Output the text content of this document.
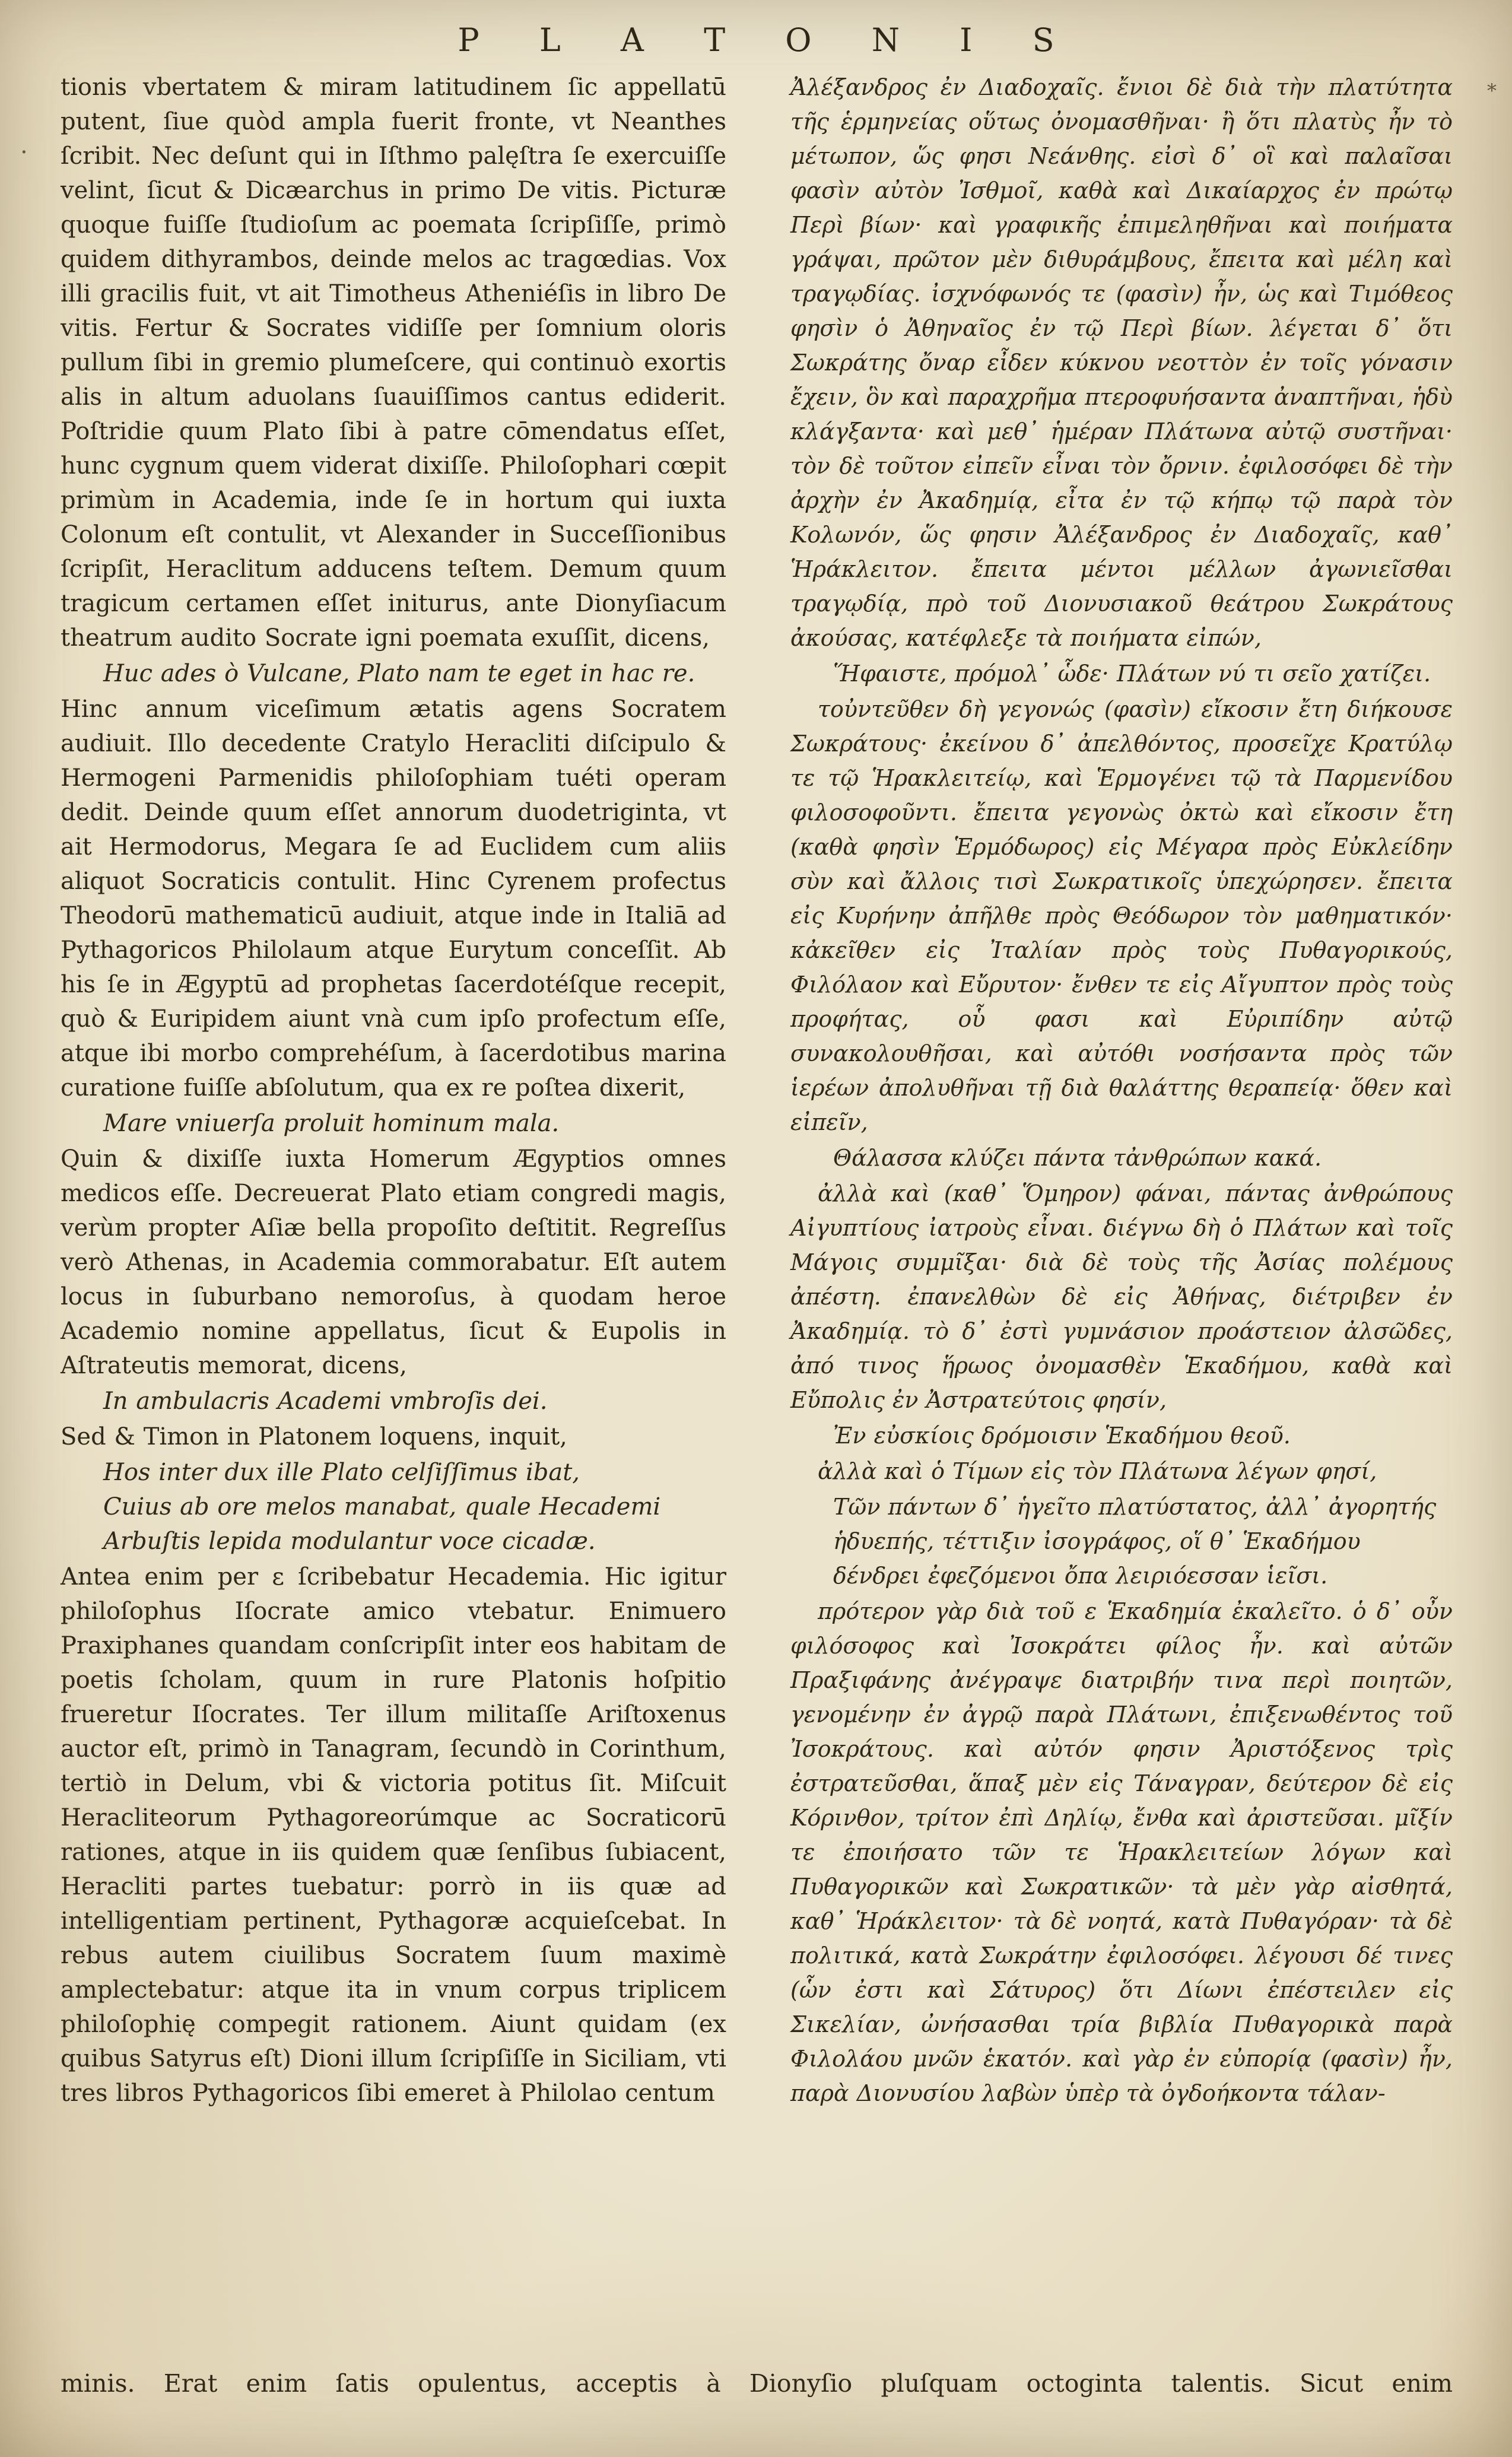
P L A T O N I S
*
.

tionis vbertatem & miram latitudinem ſic appellatū putent, ſiue quòd ampla fuerit fronte, vt Neanthes ſcribit. Nec deſunt qui in Iſthmo palęſtra ſe exercuiſſe velint, ſicut & Dicæarchus in primo De vitis. Picturæ quoque fuiſſe ſtudioſum ac poemata ſcripſiſſe, primò quidem dithyrambos, deinde melos ac tragœdias. Vox illi gracilis fuit, vt ait Timotheus Atheniéſis in libro De vitis. Fertur & Socrates vidiſſe per ſomnium oloris pullum ſibi in gremio plumeſcere, qui continuò exortis alis in altum aduolans ſuauiſſimos cantus ediderit. Poſtridie quum Plato ſibi à patre cōmendatus eſſet, hunc cygnum quem viderat dixiſſe. Philoſophari cœpit primùm in Academia, inde ſe in hortum qui iuxta Colonum eſt contulit, vt Alexander in Succeſſionibus ſcripſit, Heraclitum adducens teſtem. Demum quum tragicum certamen eſſet initurus, ante Dionyſiacum theatrum audito Socrate igni poemata exuſſit, dicens,

Huc ades ò Vulcane, Plato nam te eget in hac re.

Hinc annum viceſimum ætatis agens Socratem audiuit. Illo decedente Cratylo Heracliti diſcipulo & Hermogeni Parmenidis philoſophiam tuéti operam dedit. Deinde quum eſſet annorum duodetriginta, vt ait Hermodorus, Megara ſe ad Euclidem cum aliis aliquot Socraticis contulit. Hinc Cyrenem profectus Theodorū mathematicū audiuit, atque inde in Italiā ad Pythagoricos Philolaum atque Eurytum conceſſit. Ab his ſe in Ægyptū ad prophetas ſacerdotéſque recepit, quò & Euripidem aiunt vnà cum ipſo profectum eſſe, atque ibi morbo comprehéſum, à ſacerdotibus marina curatione fuiſſe abſolutum, qua ex re poſtea dixerit,

Mare vniuerſa proluit hominum mala.

Quin & dixiſſe iuxta Homerum Ægyptios omnes medicos eſſe. Decreuerat Plato etiam congredi magis, verùm propter Aſiæ bella propoſito deſtitit. Regreſſus verò Athenas, in Academia commorabatur. Eſt autem locus in ſuburbano nemoroſus, à quodam heroe Academio nomine appellatus, ſicut & Eupolis in Aſtrateutis memorat, dicens,

In ambulacris Academi vmbroſis dei.

Sed & Timon in Platonem loquens, inquit,

Hos inter dux ille Plato celſiſſimus ibat,
Cuius ab ore melos manabat, quale Hecademi
Arbuſtis lepida modulantur voce cicadæ.

Antea enim per ε ſcribebatur Hecademia. Hic igitur philoſophus Iſocrate amico vtebatur. Enimuero Praxiphanes quandam conſcripſit inter eos habitam de poetis ſcholam, quum in rure Platonis hoſpitio frueretur Iſocrates. Ter illum militaſſe Ariſtoxenus auctor eſt, primò in Tanagram, ſecundò in Corinthum, tertiò in Delum, vbi & victoria potitus ſit. Miſcuit Heracliteorum Pythagoreorúmque ac Socraticorū rationes, atque in iis quidem quæ ſenſibus ſubiacent, Heracliti partes tuebatur: porrò in iis quæ ad intelligentiam pertinent, Pythagoræ acquieſcebat. In rebus autem ciuilibus Socratem ſuum maximè amplectebatur: atque ita in vnum corpus triplicem philoſophię compegit rationem. Aiunt quidam (ex quibus Satyrus eſt) Dioni illum ſcripſiſſe in Siciliam, vti tres libros Pythagoricos ſibi emeret à Philolao centum

Ἀλέξανδρος ἐν Διαδοχαῖς. ἔνιοι δὲ διὰ τὴν πλατύτητα τῆς ἑρμηνείας οὕτως ὀνομασθῆναι· ἢ ὅτι πλατὺς ἦν τὸ μέτωπον, ὥς φησι Νεάνθης. εἰσὶ δ᾽ οἳ καὶ παλαῖσαι φασὶν αὐτὸν Ἰσθμοῖ, καθὰ καὶ Δικαίαρχος ἐν πρώτῳ Περὶ βίων· καὶ γραφικῆς ἐπιμεληθῆναι καὶ ποιήματα γράψαι, πρῶτον μὲν διθυράμβους, ἔπειτα καὶ μέλη καὶ τραγῳδίας. ἰσχνόφωνός τε (φασὶν) ἦν, ὡς καὶ Τιμόθεος φησὶν ὁ Ἀθηναῖος ἐν τῷ Περὶ βίων. λέγεται δ᾽ ὅτι Σωκράτης ὄναρ εἶδεν κύκνου νεοττὸν ἐν τοῖς γόνασιν ἔχειν, ὃν καὶ παραχρῆμα πτεροφυήσαντα ἀναπτῆναι, ἡδὺ κλάγξαντα· καὶ μεθ᾽ ἡμέραν Πλάτωνα αὐτῷ συστῆναι· τὸν δὲ τοῦτον εἰπεῖν εἶναι τὸν ὄρνιν. ἐφιλοσόφει δὲ τὴν ἀρχὴν ἐν Ἀκαδημίᾳ, εἶτα ἐν τῷ κήπῳ τῷ παρὰ τὸν Κολωνόν, ὥς φησιν Ἀλέξανδρος ἐν Διαδοχαῖς, καθ᾽ Ἡράκλειτον. ἔπειτα μέντοι μέλλων ἀγωνιεῖσθαι τραγῳδίᾳ, πρὸ τοῦ Διονυσιακοῦ θεάτρου Σωκράτους ἀκούσας, κατέφλεξε τὰ ποιήματα εἰπών,

Ἥφαιστε, πρόμολ᾽ ὧδε· Πλάτων νύ τι σεῖο χατίζει.

τοὐντεῦθεν δὴ γεγονώς (φασὶν) εἴκοσιν ἔτη διήκουσε Σωκράτους· ἐκείνου δ᾽ ἀπελθόντος, προσεῖχε Κρατύλῳ τε τῷ Ἡρακλειτείῳ, καὶ Ἑρμογένει τῷ τὰ Παρμενίδου φιλοσοφοῦντι. ἔπειτα γεγονὼς ὀκτὼ καὶ εἴκοσιν ἔτη (καθὰ φησὶν Ἑρμόδωρος) εἰς Μέγαρα πρὸς Εὐκλείδην σὺν καὶ ἄλλοις τισὶ Σωκρατικοῖς ὑπεχώρησεν. ἔπειτα εἰς Κυρήνην ἀπῆλθε πρὸς Θεόδωρον τὸν μαθηματικόν· κἀκεῖθεν εἰς Ἰταλίαν πρὸς τοὺς Πυθαγορικούς, Φιλόλαον καὶ Εὔρυτον· ἔνθεν τε εἰς Αἴγυπτον πρὸς τοὺς προφήτας, οὗ φασι καὶ Εὐριπίδην αὐτῷ συνακολουθῆσαι, καὶ αὐτόθι νοσήσαντα πρὸς τῶν ἱερέων ἀπολυθῆναι τῇ διὰ θαλάττης θεραπείᾳ· ὅθεν καὶ εἰπεῖν,

Θάλασσα κλύζει πάντα τἀνθρώπων κακά.

ἀλλὰ καὶ (καθ᾽ Ὅμηρον) φάναι, πάντας ἀνθρώπους Αἰγυπτίους ἰατροὺς εἶναι. διέγνω δὴ ὁ Πλάτων καὶ τοῖς Μάγοις συμμῖξαι· διὰ δὲ τοὺς τῆς Ἀσίας πολέμους ἀπέστη. ἐπανελθὼν δὲ εἰς Ἀθήνας, διέτριβεν ἐν Ἀκαδημίᾳ. τὸ δ᾽ ἐστὶ γυμνάσιον προάστειον ἀλσῶδες, ἀπό τινος ἥρωος ὀνομασθὲν Ἑκαδήμου, καθὰ καὶ Εὔπολις ἐν Ἀστρατεύτοις φησίν,

Ἐν εὐσκίοις δρόμοισιν Ἑκαδήμου θεοῦ.

ἀλλὰ καὶ ὁ Τίμων εἰς τὸν Πλάτωνα λέγων φησί,

Τῶν πάντων δ᾽ ἡγεῖτο πλατύστατος, ἀλλ᾽ ἀγορητής
ἡδυεπής, τέττιξιν ἰσογράφος, οἵ θ᾽ Ἑκαδήμου
δένδρει ἐφεζόμενοι ὄπα λειριόεσσαν ἱεῖσι.

πρότερον γὰρ διὰ τοῦ ε Ἑκαδημία ἐκαλεῖτο. ὁ δ᾽ οὖν φιλόσοφος καὶ Ἰσοκράτει φίλος ἦν. καὶ αὐτῶν Πραξιφάνης ἀνέγραψε διατριβήν τινα περὶ ποιητῶν, γενομένην ἐν ἀγρῷ παρὰ Πλάτωνι, ἐπιξενωθέντος τοῦ Ἰσοκράτους. καὶ αὐτόν φησιν Ἀριστόξενος τρὶς ἐστρατεῦσθαι, ἅπαξ μὲν εἰς Τάναγραν, δεύτερον δὲ εἰς Κόρινθον, τρίτον ἐπὶ Δηλίῳ, ἔνθα καὶ ἀριστεῦσαι. μῖξίν τε ἐποιήσατο τῶν τε Ἡρακλειτείων λόγων καὶ Πυθαγορικῶν καὶ Σωκρατικῶν· τὰ μὲν γὰρ αἰσθητά, καθ᾽ Ἡράκλειτον· τὰ δὲ νοητά, κατὰ Πυθαγόραν· τὰ δὲ πολιτικά, κατὰ Σωκράτην ἐφιλοσόφει. λέγουσι δέ τινες (ὧν ἐστι καὶ Σάτυρος) ὅτι Δίωνι ἐπέστειλεν εἰς Σικελίαν, ὠνήσασθαι τρία βιβλία Πυθαγορικὰ παρὰ Φιλολάου μνῶν ἑκατόν. καὶ γὰρ ἐν εὐπορίᾳ (φασὶν) ἦν, παρὰ Διονυσίου λαβὼν ὑπὲρ τὰ ὀγδοήκοντα τάλαν-

minis. Erat enim ſatis opulentus, acceptis à Dionyſio pluſquam octoginta talentis. Sicut enim
